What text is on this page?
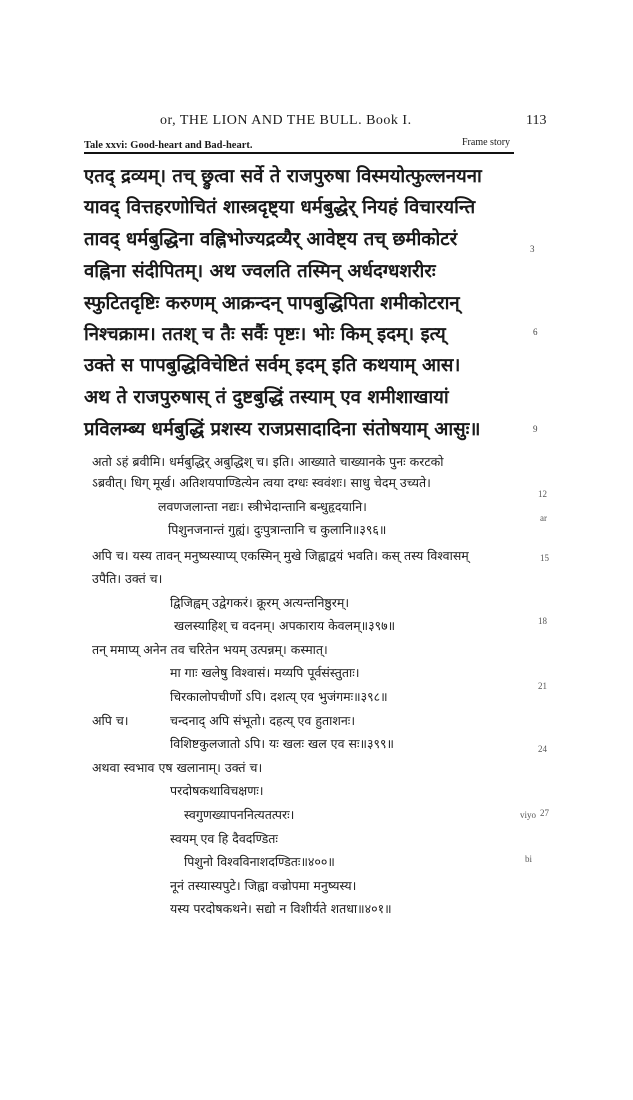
or, THE LION AND THE BULL. Book I.	113
Tale xxvi: Good-heart and Bad-heart.	Frame story
एतद् द्रव्यम्। तच् छ्रुत्वा सर्वे ते राजपुरुषा विस्मयोत्फुल्लनयना
यावद् वित्तहरणोचितं शास्त्रदृष्ट्या धर्मबुद्धेर् नियहं विचारयन्ति
तावद् धर्मबुद्धिना वह्निभोज्यद्रव्यैर् आवेष्ट्य तच् छमीकोटरं
वह्निना संदीपितम्। अथ ज्वलति तस्मिन् अर्धदग्धशरीरः
स्फुटितदृष्टिः करुणम् आक्रन्दन् पापबुद्धिपिता शमीकोटरान्
निश्चक्राम। ततश् च तैः सर्वैः पृष्टः। भोः किम् इदम्। इत्य्
उक्ते स पापबुद्धिविचेष्टितं सर्वम् इदम् इति कथयाम् आस।
अथ ते राजपुरुषास् तं दुष्टबुद्धिं तस्याम् एव शमीशाखायां
प्रविलम्ब्य धर्मबुद्धिं प्रशस्य राजप्रसादादिना संतोषयाम् आसुः॥
3
6
9
अतो ऽहं ब्रवीमि। धर्मबुद्धिर् अबुद्धिश् च। इति। आख्याते चाख्यानके पुनः करटको
ऽब्रवीत्। धिग् मूर्ख। अतिशयपाण्डित्येन त्वया दग्धः स्ववंशः। साधु चेदम् उच्यते।
लवणजलान्ता नद्यः। स्त्रीभेदान्तानि बन्धुहृदयानि।
पिशुनजनान्तं गुह्यं। दुःपुत्रान्तानि च कुलानि॥३९६॥
अपि च। यस्य तावन् मनुष्यस्याप्य् एकस्मिन् मुखे जिह्वाद्वयं भवति। कस् तस्य विश्वासम्
उपैति। उक्तं च।
द्विजिह्वम् उद्वेगकरं। क्रूरम् अत्यन्तनिष्ठुरम्।
खलस्याहिश् च वदनम्। अपकाराय केवलम्॥३९७॥
तन् ममाप्य् अनेन तव चरितेन भयम् उत्पन्नम्। कस्मात्।
मा गाः खलेषु विश्वासं। मय्यपि पूर्वसंस्तुताः।
चिरकालोपचीर्णो ऽपि। दशत्य् एव भुजंगमः॥३९८॥
अपि च।	चन्दनाद् अपि संभूतो। दहत्य् एव हुताशनः।
विशिष्टकुलजातो ऽपि। यः खलः खल एव सः॥३९९॥
अथवा स्वभाव एष खलानाम्। उक्तं च।
परदोषकथाविचक्षणः।
स्वगुणख्यापननित्यतत्परः।
स्वयम् एव हि दैवदण्डितः
पिशुनो विश्वविनाशदण्डितः॥४००॥
नूनं तस्यास्यपुटे। जिह्वा वज्रोपमा मनुष्यस्य।
यस्य परदोषकथने। सद्यो न विशीर्यते शतधा॥४०१॥
12
ar
15
18
21
24
viyo 27
bi
